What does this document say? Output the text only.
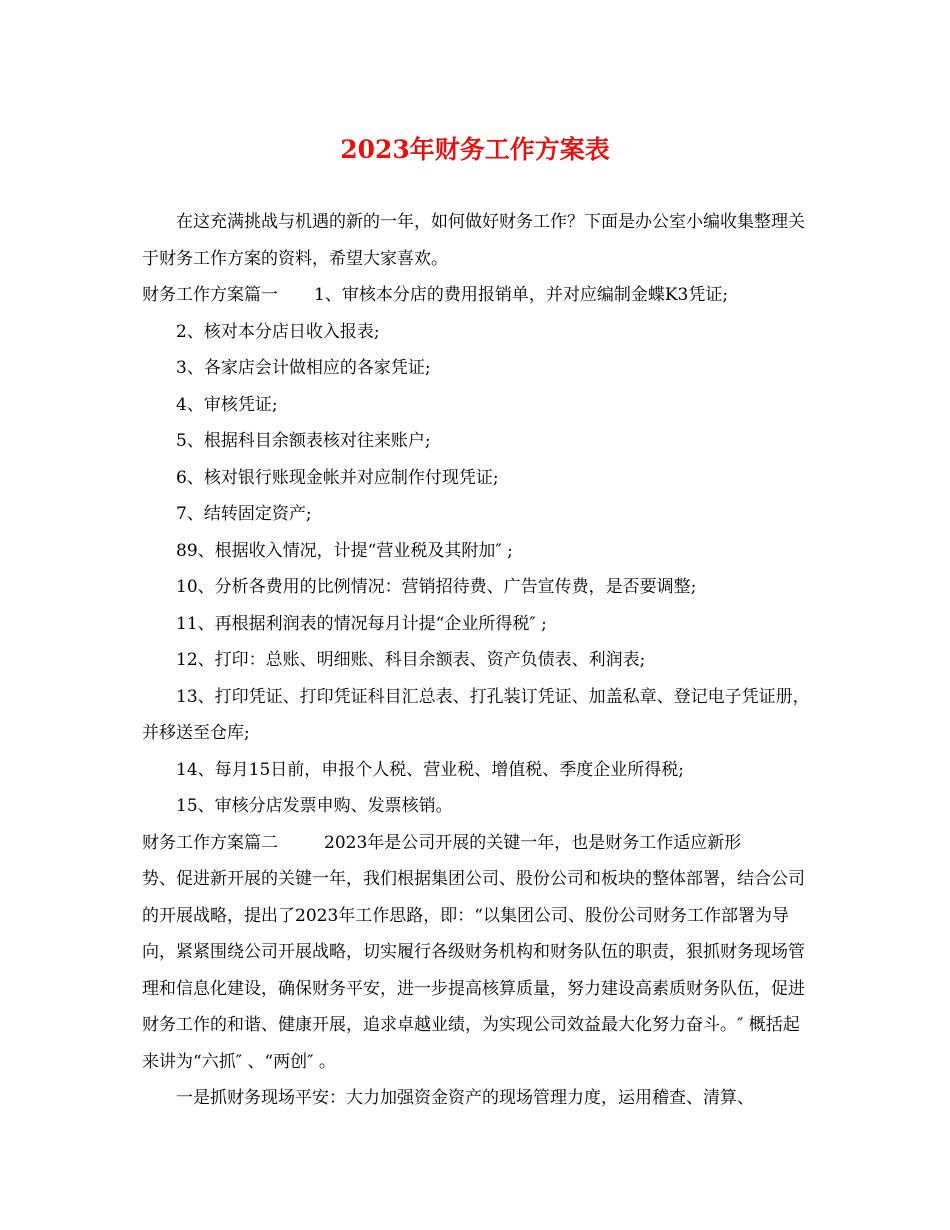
2023年财务工作方案表

在这充满挑战与机遇的新的一年，如何做好财务工作？下面是办公室小编收集整理关于财务工作方案的资料，希望大家喜欢。

财务工作方案篇一 1、审核本分店的费用报销单，并对应编制金蝶K3凭证;

2、核对本分店日收入报表;

3、各家店会计做相应的各家凭证;

4、审核凭证;

5、根据科目余额表核对往来账户;

6、核对银行账现金帐并对应制作付现凭证;

7、结转固定资产;

89、根据收入情况，计提“营业税及其附加″ ;

10、分析各费用的比例情况：营销招待费、广告宣传费，是否要调整;

11、再根据利润表的情况每月计提“企业所得税″ ;

12、打印：总账、明细账、科目余额表、资产负债表、利润表;

13、打印凭证、打印凭证科目汇总表、打孔装订凭证、加盖私章、登记电子凭证册，并移送至仓库;

14、每月15日前，申报个人税、营业税、增值税、季度企业所得税;

15、审核分店发票申购、发票核销。

财务工作方案篇二	2023年是公司开展的关键一年，也是财务工作适应新形

势、促进新开展的关键一年，我们根据集团公司、股份公司和板块的整体部署，结合公司的开展战略，提出了2023年工作思路，即：“以集团公司、股份公司财务工作部署为导向，紧紧围绕公司开展战略，切实履行各级财务机构和财务队伍的职责，狠抓财务现场管理和信息化建设，确保财务平安，进一步提高核算质量，努力建设高素质财务队伍，促进财务工作的和谐、健康开展，追求卓越业绩，为实现公司效益最大化努力奋斗。″ 概括起来讲为“六抓″ 、“两创″ 。

一是抓财务现场平安：大力加强资金资产的现场管理力度，运用稽查、清算、
